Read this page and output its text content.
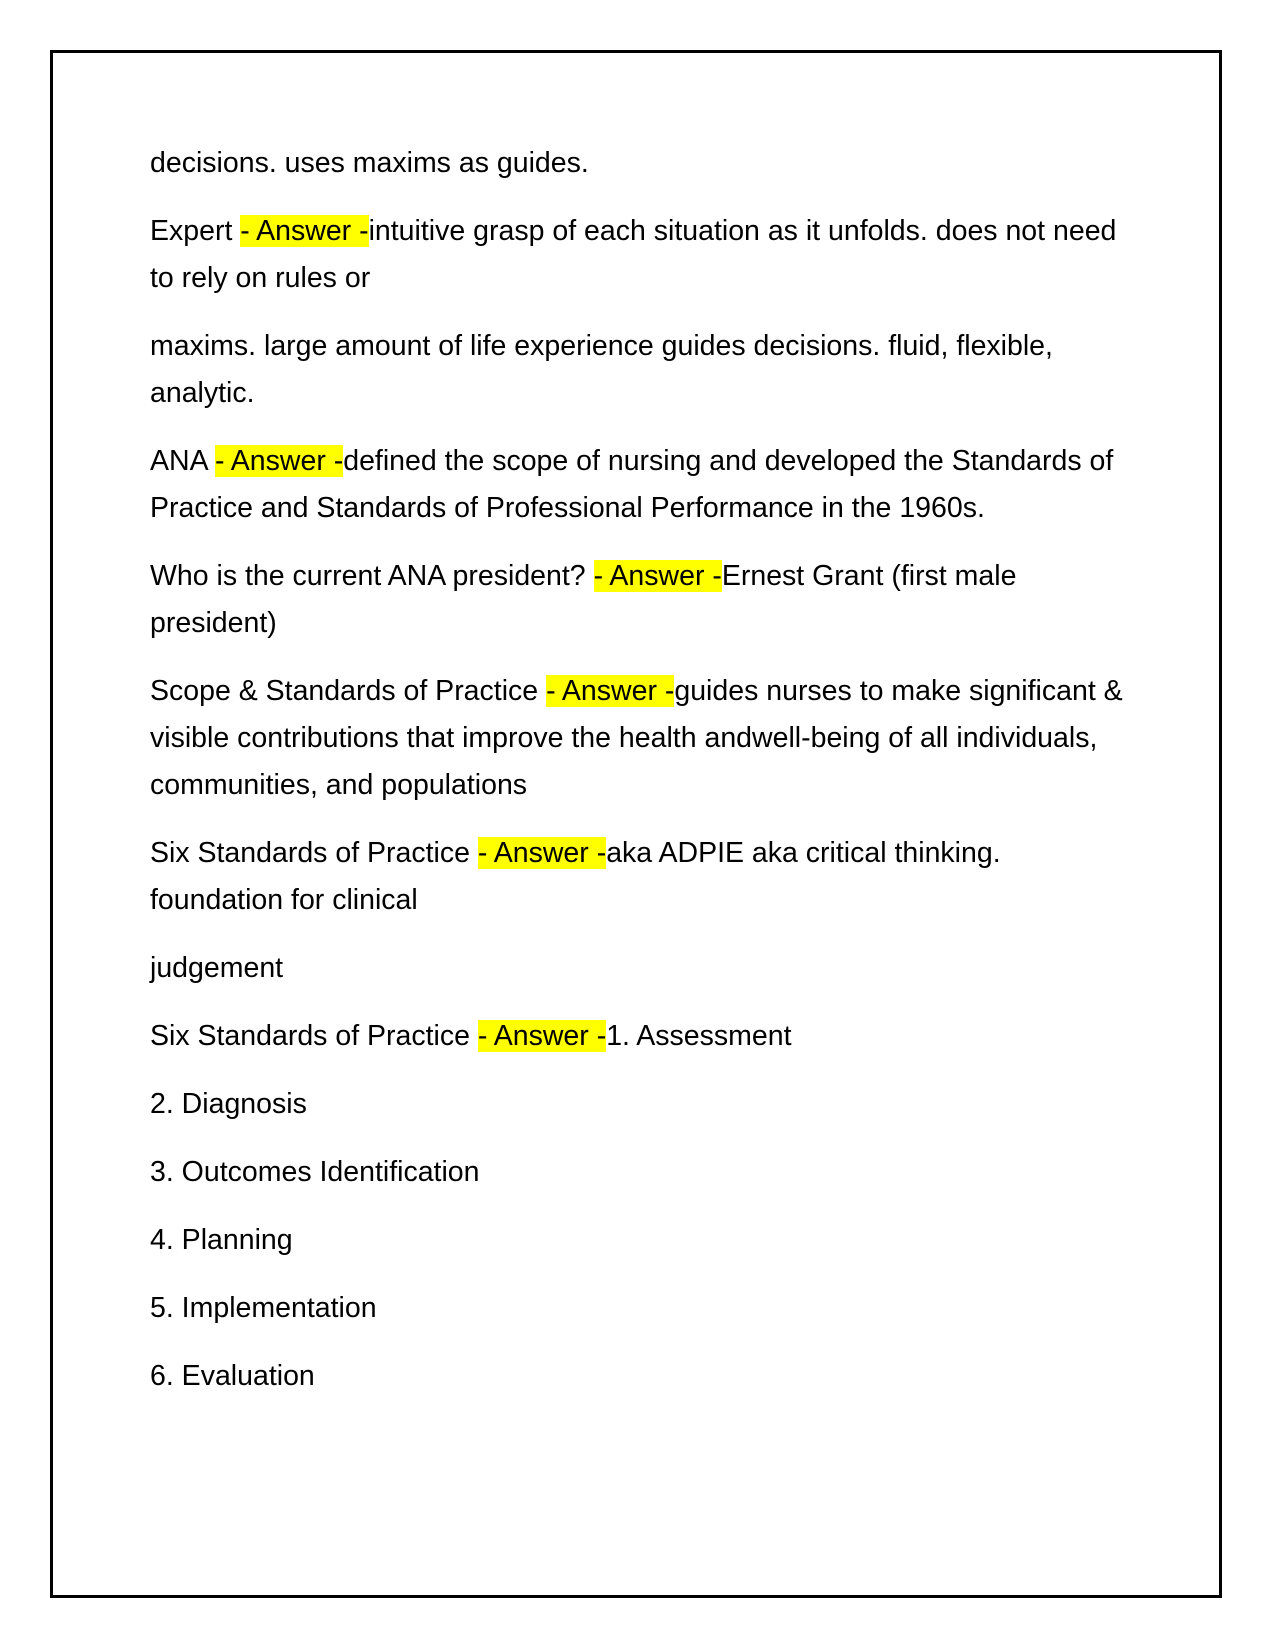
decisions. uses maxims as guides.

Expert - Answer -intuitive grasp of each situation as it unfolds. does not need to rely on rules or

maxims. large amount of life experience guides decisions. fluid, flexible, analytic.

ANA - Answer -defined the scope of nursing and developed the Standards of Practice and Standards of Professional Performance in the 1960s.

Who is the current ANA president? - Answer -Ernest Grant (first male president)

Scope & Standards of Practice - Answer -guides nurses to make significant & visible contributions that improve the health andwell-being of all individuals, communities, and populations

Six Standards of Practice - Answer -aka ADPIE aka critical thinking. foundation for clinical

judgement

Six Standards of Practice - Answer -1. Assessment

2. Diagnosis

3. Outcomes Identification

4. Planning

5. Implementation

6. Evaluation
